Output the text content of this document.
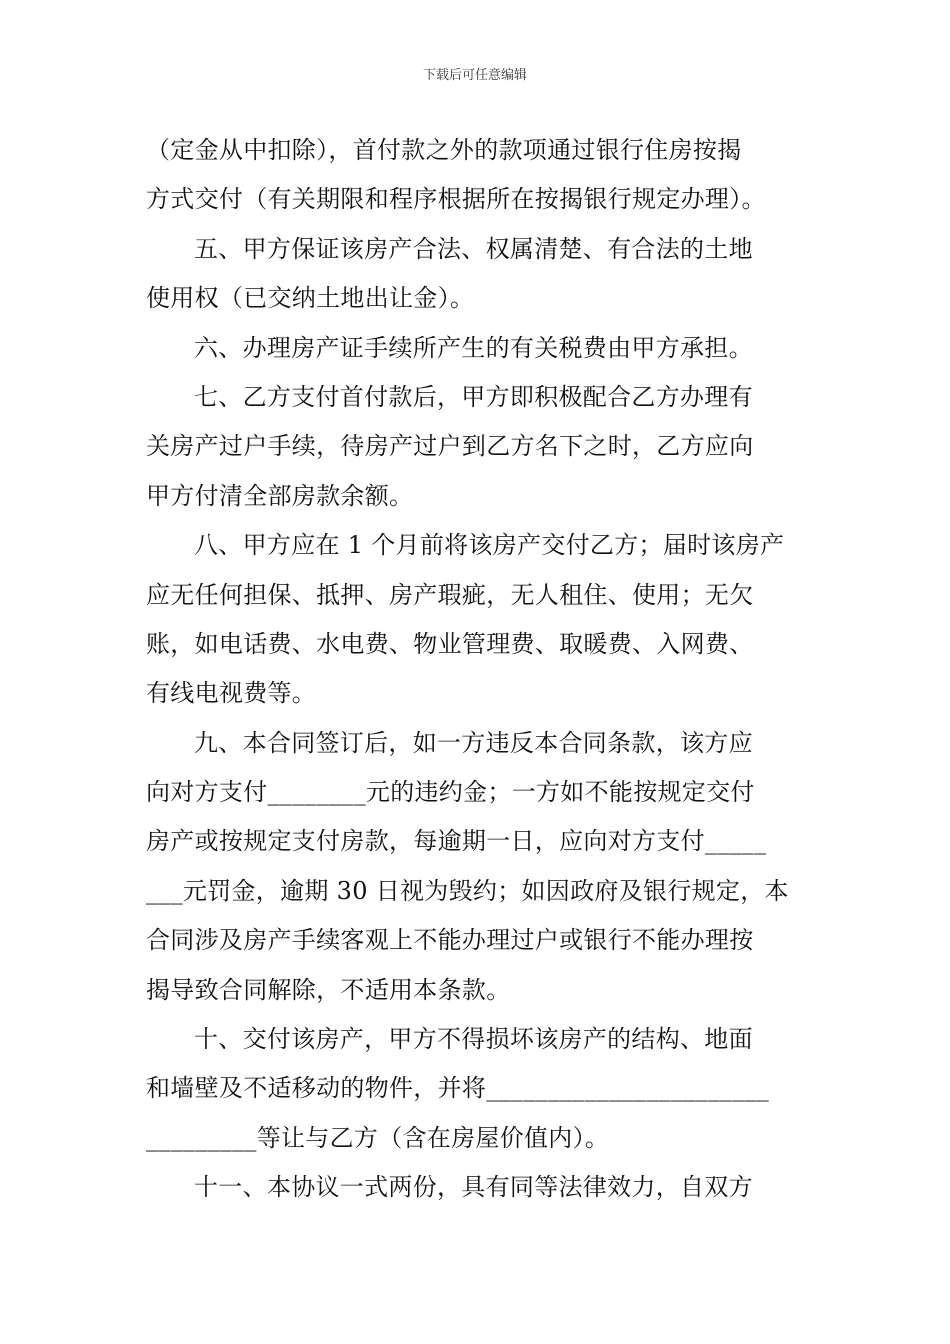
下载后可任意编辑
（定金从中扣除），首付款之外的款项通过银行住房按揭
方式交付（有关期限和程序根据所在按揭银行规定办理）。
五、甲方保证该房产合法、权属清楚、有合法的土地
使用权（已交纳土地出让金）。
六、办理房产证手续所产生的有关税费由甲方承担。
七、乙方支付首付款后，甲方即积极配合乙方办理有
关房产过户手续，待房产过户到乙方名下之时，乙方应向
甲方付清全部房款余额。
八、甲方应在 1 个月前将该房产交付乙方；届时该房产
应无任何担保、抵押、房产瑕疵，无人租住、使用；无欠
账，如电话费、水电费、物业管理费、取暖费、入网费、
有线电视费等。
九、本合同签订后，如一方违反本合同条款，该方应
向对方支付________元的违约金；一方如不能按规定交付
房产或按规定支付房款，每逾期一日，应向对方支付_____
___元罚金，逾期 30 日视为毁约；如因政府及银行规定，本
合同涉及房产手续客观上不能办理过户或银行不能办理按
揭导致合同解除，不适用本条款。
十、交付该房产，甲方不得损坏该房产的结构、地面
和墙壁及不适移动的物件，并将_______________________
_________等让与乙方（含在房屋价值内）。
十一、本协议一式两份，具有同等法律效力，自双方
